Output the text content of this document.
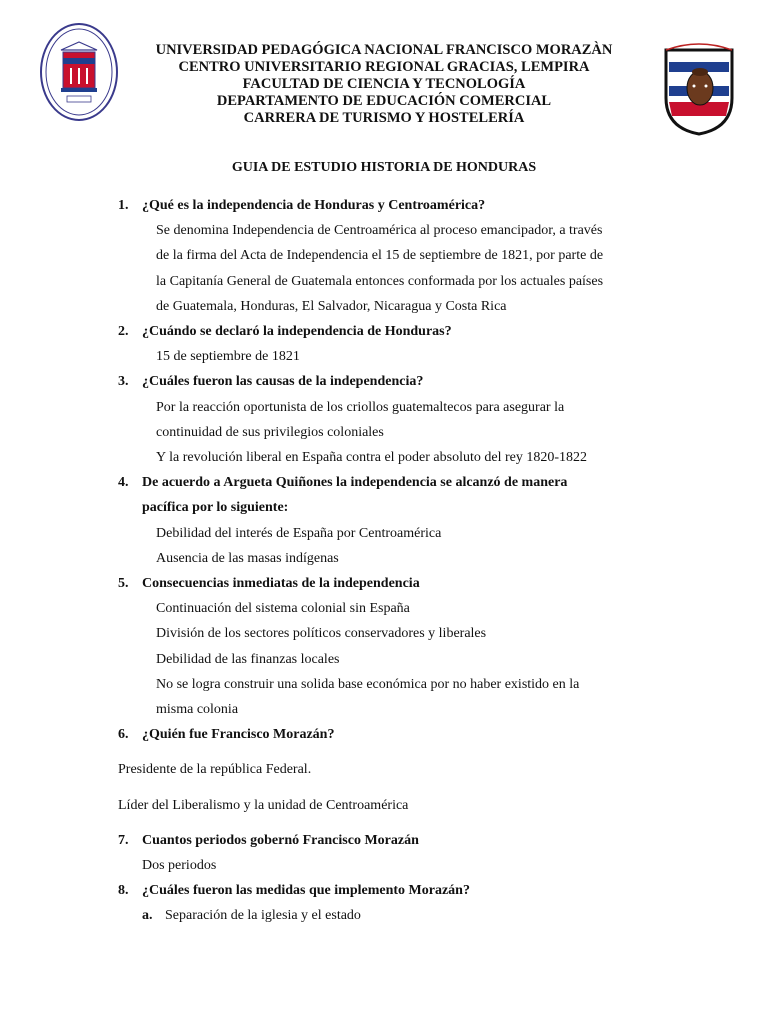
UNIVERSIDAD PEDAGÓGICA NACIONAL FRANCISCO MORAZÀN
CENTRO UNIVERSITARIO REGIONAL GRACIAS, LEMPIRA
FACULTAD DE CIENCIA Y TECNOLOGÍA
DEPARTAMENTO DE EDUCACIÓN COMERCIAL
CARRERA DE TURISMO Y HOSTELERÍA
GUIA DE ESTUDIO HISTORIA DE HONDURAS
1. ¿Qué es la independencia de Honduras y Centroamérica?
Se denomina Independencia de Centroamérica al proceso emancipador, a través
de la firma del Acta de Independencia el 15 de septiembre de 1821, por parte de
la Capitanía General de Guatemala entonces conformada por los actuales países
de Guatemala, Honduras, El Salvador, Nicaragua y Costa Rica
2. ¿Cuándo se declaró la independencia de Honduras?
15 de septiembre de 1821
3. ¿Cuáles fueron las causas de la independencia?
Por la reacción oportunista de los criollos guatemaltecos para asegurar la
continuidad de sus privilegios coloniales
Y la revolución liberal en España contra el poder absoluto del rey 1820-1822
4. De acuerdo a Argueta Quiñones la independencia se alcanzó de manera
pacífica por lo siguiente:
Debilidad del interés de España por Centroamérica
Ausencia de las masas indígenas
5. Consecuencias inmediatas de la independencia
Continuación del sistema colonial sin España
División de los sectores políticos conservadores y liberales
Debilidad de las finanzas locales
No se logra construir una solida base económica por no haber existido en la
misma colonia
6. ¿Quién fue Francisco Morazán?
Presidente de la república Federal.
Líder del Liberalismo y la unidad de Centroamérica
7. Cuantos periodos gobernó Francisco Morazán
Dos periodos
8. ¿Cuáles fueron las medidas que implemento Morazán?
a. Separación de la iglesia y el estado
